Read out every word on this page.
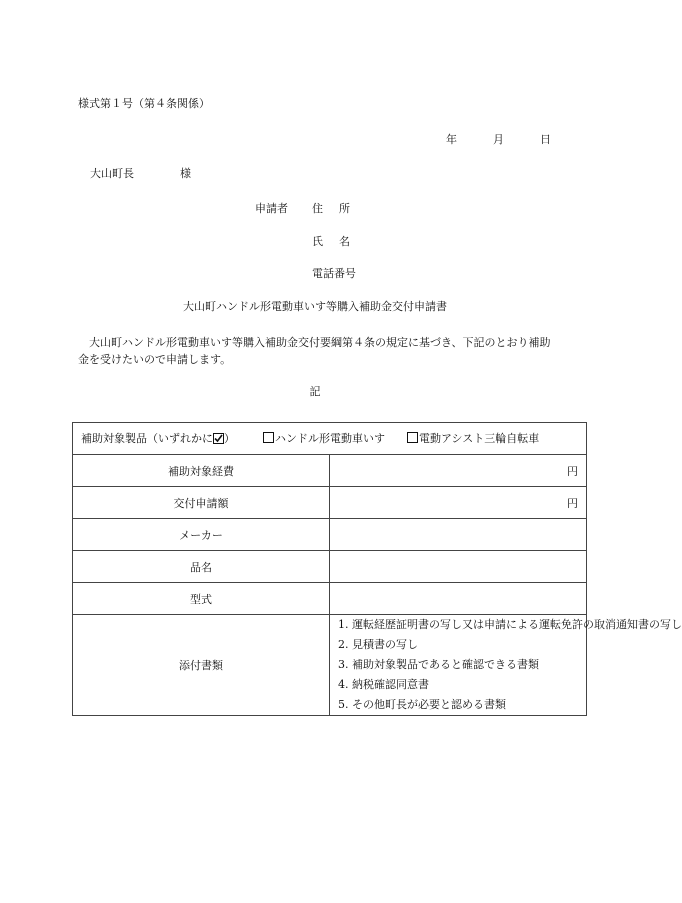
様式第１号（第４条関係）
年	月	日
大山町長	様
申請者 住 所
氏 名
電話番号
大山町ハンドル形電動車いす等購入補助金交付申請書
大山町ハンドル形電動車いす等購入補助金交付要綱第４条の規定に基づき、下記のとおり補助金を受けたいので申請します。
記
補助対象製品（いずれかに ） ハンドル形電動車いす 電動アシスト三輪自転車	
補助対象経費	円
交付申請額	円
メーカー	
品名	
型式	
添付書類	1. 運転経歴証明書の写し又は申請による運転免許の取消通知書の写し
2. 見積書の写し
3. 補助対象製品であると確認できる書類
4. 納税確認同意書
5. その他町長が必要と認める書類
